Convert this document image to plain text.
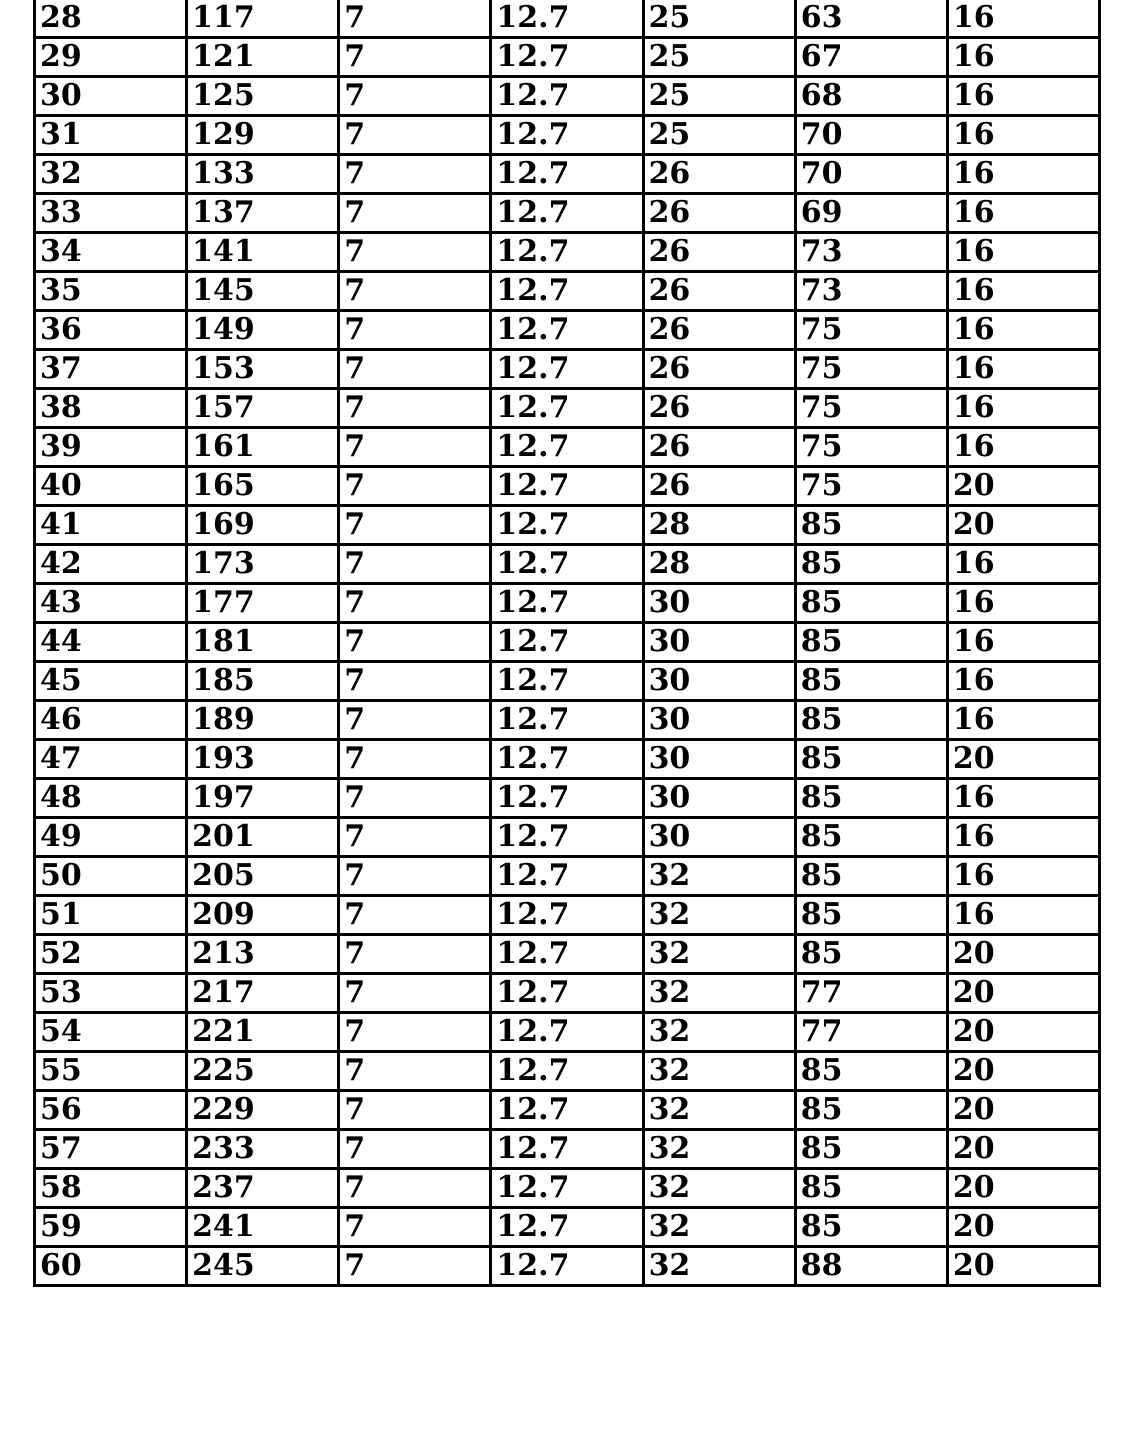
28	117	7	12.7	25	63	16
29	121	7	12.7	25	67	16
30	125	7	12.7	25	68	16
31	129	7	12.7	25	70	16
32	133	7	12.7	26	70	16
33	137	7	12.7	26	69	16
34	141	7	12.7	26	73	16
35	145	7	12.7	26	73	16
36	149	7	12.7	26	75	16
37	153	7	12.7	26	75	16
38	157	7	12.7	26	75	16
39	161	7	12.7	26	75	16
40	165	7	12.7	26	75	20
41	169	7	12.7	28	85	20
42	173	7	12.7	28	85	16
43	177	7	12.7	30	85	16
44	181	7	12.7	30	85	16
45	185	7	12.7	30	85	16
46	189	7	12.7	30	85	16
47	193	7	12.7	30	85	20
48	197	7	12.7	30	85	16
49	201	7	12.7	30	85	16
50	205	7	12.7	32	85	16
51	209	7	12.7	32	85	16
52	213	7	12.7	32	85	20
53	217	7	12.7	32	77	20
54	221	7	12.7	32	77	20
55	225	7	12.7	32	85	20
56	229	7	12.7	32	85	20
57	233	7	12.7	32	85	20
58	237	7	12.7	32	85	20
59	241	7	12.7	32	85	20
60	245	7	12.7	32	88	20
